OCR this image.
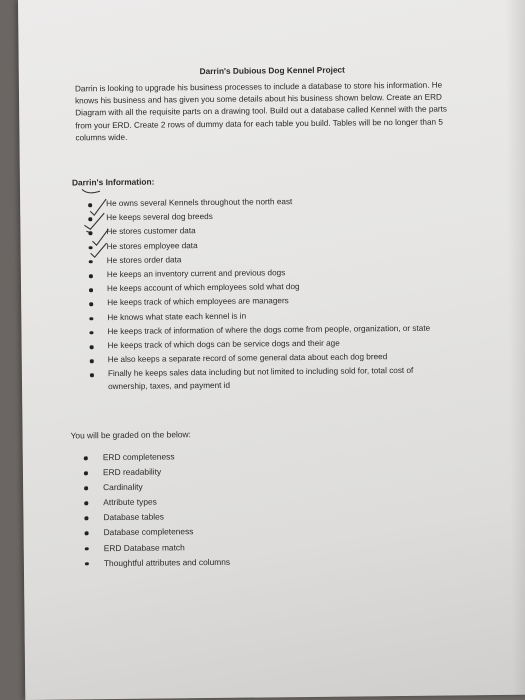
Darrin's Dubious Dog Kennel Project
Darrin is looking to upgrade his business processes to include a database to store his information. He
knows his business and has given you some details about his business shown below. Create an ERD
Diagram with all the requisite parts on a drawing tool. Build out a database called Kennel with the parts
from your ERD. Create 2 rows of dummy data for each table you build. Tables will be no longer than 5
columns wide.
Darrin's Information:
He owns several Kennels throughout the north east
He keeps several dog breeds
He stores customer data
He stores employee data
He stores order data
He keeps an inventory current and previous dogs
He keeps account of which employees sold what dog
He keeps track of which employees are managers
He knows what state each kennel is in
He keeps track of information of where the dogs come from people, organization, or state
He keeps track of which dogs can be service dogs and their age
He also keeps a separate record of some general data about each dog breed
Finally he keeps sales data including but not limited to including sold for, total cost of
ownership, taxes, and payment id
You will be graded on the below:
ERD completeness
ERD readability
Cardinality
Attribute types
Database tables
Database completeness
ERD Database match
Thoughtful attributes and columns
